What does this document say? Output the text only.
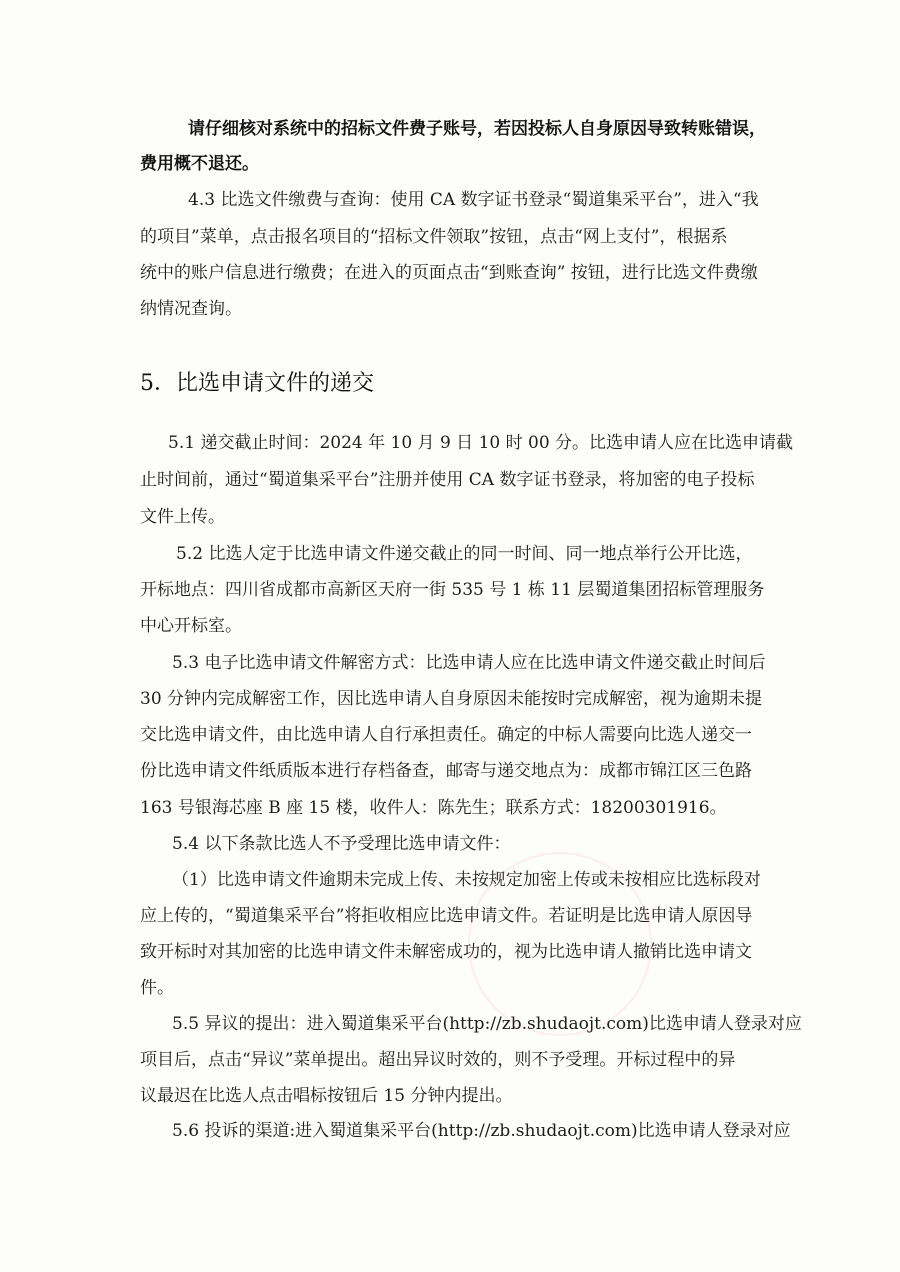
请仔细核对系统中的招标文件费子账号，若因投标人自身原因导致转账错误，

费用概不退还。

4.3 比选文件缴费与查询：使用 CA 数字证书登录“蜀道集采平台”，进入“我

的项目”菜单，点击报名项目的“招标文件领取”按钮，点击“网上支付”，根据系

统中的账户信息进行缴费；在进入的页面点击“到账查询” 按钮，进行比选文件费缴

纳情况查询。

5．比选申请文件的递交

5.1 递交截止时间：2024 年 10 月 9 日 10 时 00 分。比选申请人应在比选申请截

止时间前，通过“蜀道集采平台”注册并使用 CA 数字证书登录，将加密的电子投标

文件上传。

5.2 比选人定于比选申请文件递交截止的同一时间、同一地点举行公开比选，

开标地点：四川省成都市高新区天府一街 535 号 1 栋 11 层蜀道集团招标管理服务

中心开标室。

5.3 电子比选申请文件解密方式：比选申请人应在比选申请文件递交截止时间后

30 分钟内完成解密工作，因比选申请人自身原因未能按时完成解密，视为逾期未提

交比选申请文件，由比选申请人自行承担责任。确定的中标人需要向比选人递交一

份比选申请文件纸质版本进行存档备查，邮寄与递交地点为：成都市锦江区三色路

163 号银海芯座 B 座 15 楼，收件人：陈先生；联系方式：18200301916。

5.4 以下条款比选人不予受理比选申请文件：

（1）比选申请文件逾期未完成上传、未按规定加密上传或未按相应比选标段对

应上传的，“蜀道集采平台”将拒收相应比选申请文件。若证明是比选申请人原因导

致开标时对其加密的比选申请文件未解密成功的，视为比选申请人撤销比选申请文

件。

5.5 异议的提出：进入蜀道集采平台(http://zb.shudaojt.com)比选申请人登录对应

项目后，点击“异议”菜单提出。超出异议时效的，则不予受理。开标过程中的异

议最迟在比选人点击唱标按钮后 15 分钟内提出。

5.6 投诉的渠道:进入蜀道集采平台(http://zb.shudaojt.com)比选申请人登录对应
